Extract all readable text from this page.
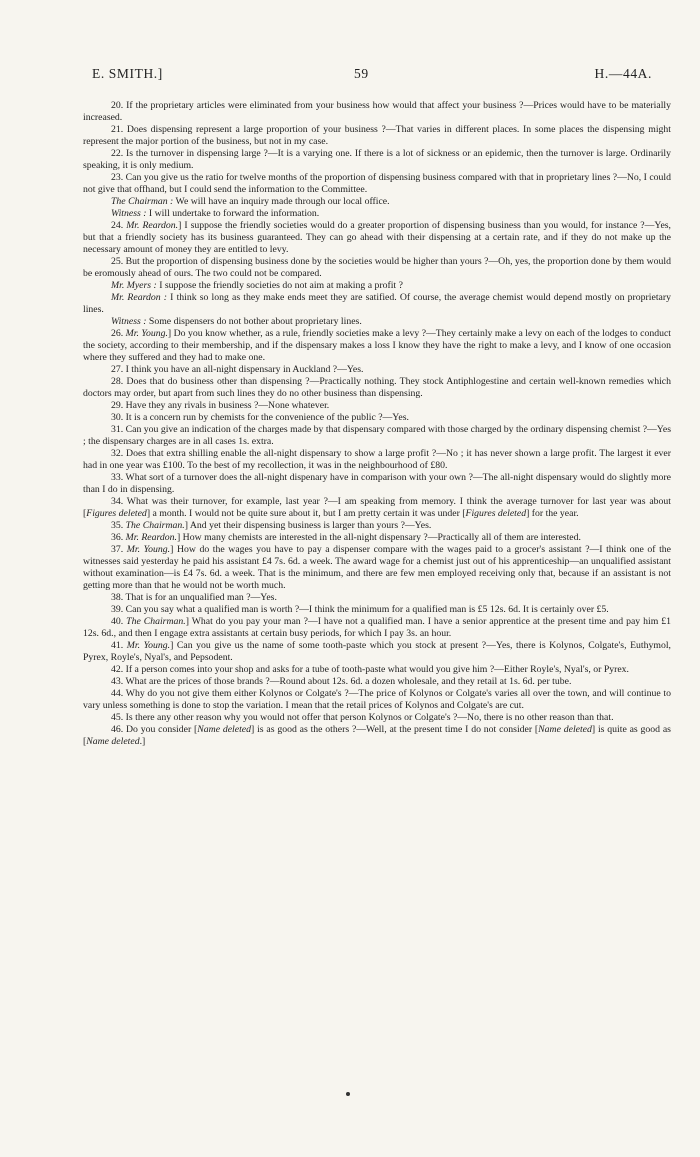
E. SMITH.]	59	H.—44A.

20. If the proprietary articles were eliminated from your business how would that affect your business ?—Prices would have to be materially increased.

21. Does dispensing represent a large proportion of your business ?—That varies in different places. In some places the dispensing might represent the major portion of the business, but not in my case.

22. Is the turnover in dispensing large ?—It is a varying one. If there is a lot of sickness or an epidemic, then the turnover is large. Ordinarily speaking, it is only medium.

23. Can you give us the ratio for twelve months of the proportion of dispensing business compared with that in proprietary lines ?—No, I could not give that offhand, but I could send the information to the Committee.

The Chairman : We will have an inquiry made through our local office.

Witness : I will undertake to forward the information.

24. Mr. Reardon.] I suppose the friendly societies would do a greater proportion of dispensing business than you would, for instance ?—Yes, but that a friendly society has its business guaranteed. They can go ahead with their dispensing at a certain rate, and if they do not make up the necessary amount of money they are entitled to levy.

25. But the proportion of dispensing business done by the societies would be higher than yours ?—Oh, yes, the proportion done by them would be eromously ahead of ours. The two could not be compared.

Mr. Myers : I suppose the friendly societies do not aim at making a profit ?

Mr. Reardon : I think so long as they make ends meet they are satified. Of course, the average chemist would depend mostly on proprietary lines.

Witness : Some dispensers do not bother about proprietary lines.

26. Mr. Young.] Do you know whether, as a rule, friendly societies make a levy ?—They certainly make a levy on each of the lodges to conduct the society, according to their membership, and if the dispensary makes a loss I know they have the right to make a levy, and I know of one occasion where they suffered and they had to make one.

27. I think you have an all-night dispensary in Auckland ?—Yes.

28. Does that do business other than dispensing ?—Practically nothing. They stock Antiphlogestine and certain well-known remedies which doctors may order, but apart from such lines they do no other business than dispensing.

29. Have they any rivals in business ?—None whatever.

30. It is a concern run by chemists for the convenience of the public ?—Yes.

31. Can you give an indication of the charges made by that dispensary compared with those charged by the ordinary dispensing chemist ?—Yes ; the dispensary charges are in all cases 1s. extra.

32. Does that extra shilling enable the all-night dispensary to show a large profit ?—No ; it has never shown a large profit. The largest it ever had in one year was £100. To the best of my recollection, it was in the neighbourhood of £80.

33. What sort of a turnover does the all-night dispenary have in comparison with your own ?—The all-night dispensary would do slightly more than I do in dispensing.

34. What was their turnover, for example, last year ?—I am speaking from memory. I think the average turnover for last year was about [Figures deleted] a month. I would not be quite sure about it, but I am pretty certain it was under [Figures deleted] for the year.

35. The Chairman.] And yet their dispensing business is larger than yours ?—Yes.

36. Mr. Reardon.] How many chemists are interested in the all-night dispensary ?—Practically all of them are interested.

37. Mr. Young.] How do the wages you have to pay a dispenser compare with the wages paid to a grocer's assistant ?—I think one of the witnesses said yesterday he paid his assistant £4 7s. 6d. a week. The award wage for a chemist just out of his apprenticeship—an unqualified assistant without examination—is £4 7s. 6d. a week. That is the minimum, and there are few men employed receiving only that, because if an assistant is not getting more than that he would not be worth much.

38. That is for an unqualified man ?—Yes.

39. Can you say what a qualified man is worth ?—I think the minimum for a qualified man is £5 12s. 6d. It is certainly over £5.

40. The Chairman.] What do you pay your man ?—I have not a qualified man. I have a senior apprentice at the present time and pay him £1 12s. 6d., and then I engage extra assistants at certain busy periods, for which I pay 3s. an hour.

41. Mr. Young.] Can you give us the name of some tooth-paste which you stock at present ?—Yes, there is Kolynos, Colgate's, Euthymol, Pyrex, Royle's, Nyal's, and Pepsodent.

42. If a person comes into your shop and asks for a tube of tooth-paste what would you give him ?—Either Royle's, Nyal's, or Pyrex.

43. What are the prices of those brands ?—Round about 12s. 6d. a dozen wholesale, and they retail at 1s. 6d. per tube.

44. Why do you not give them either Kolynos or Colgate's ?—The price of Kolynos or Colgate's varies all over the town, and will continue to vary unless something is done to stop the variation. I mean that the retail prices of Kolynos and Colgate's are cut.

45. Is there any other reason why you would not offer that person Kolynos or Colgate's ?—No, there is no other reason than that.

46. Do you consider [Name deleted] is as good as the others ?—Well, at the present time I do not consider [Name deleted] is quite as good as [Name deleted.]
